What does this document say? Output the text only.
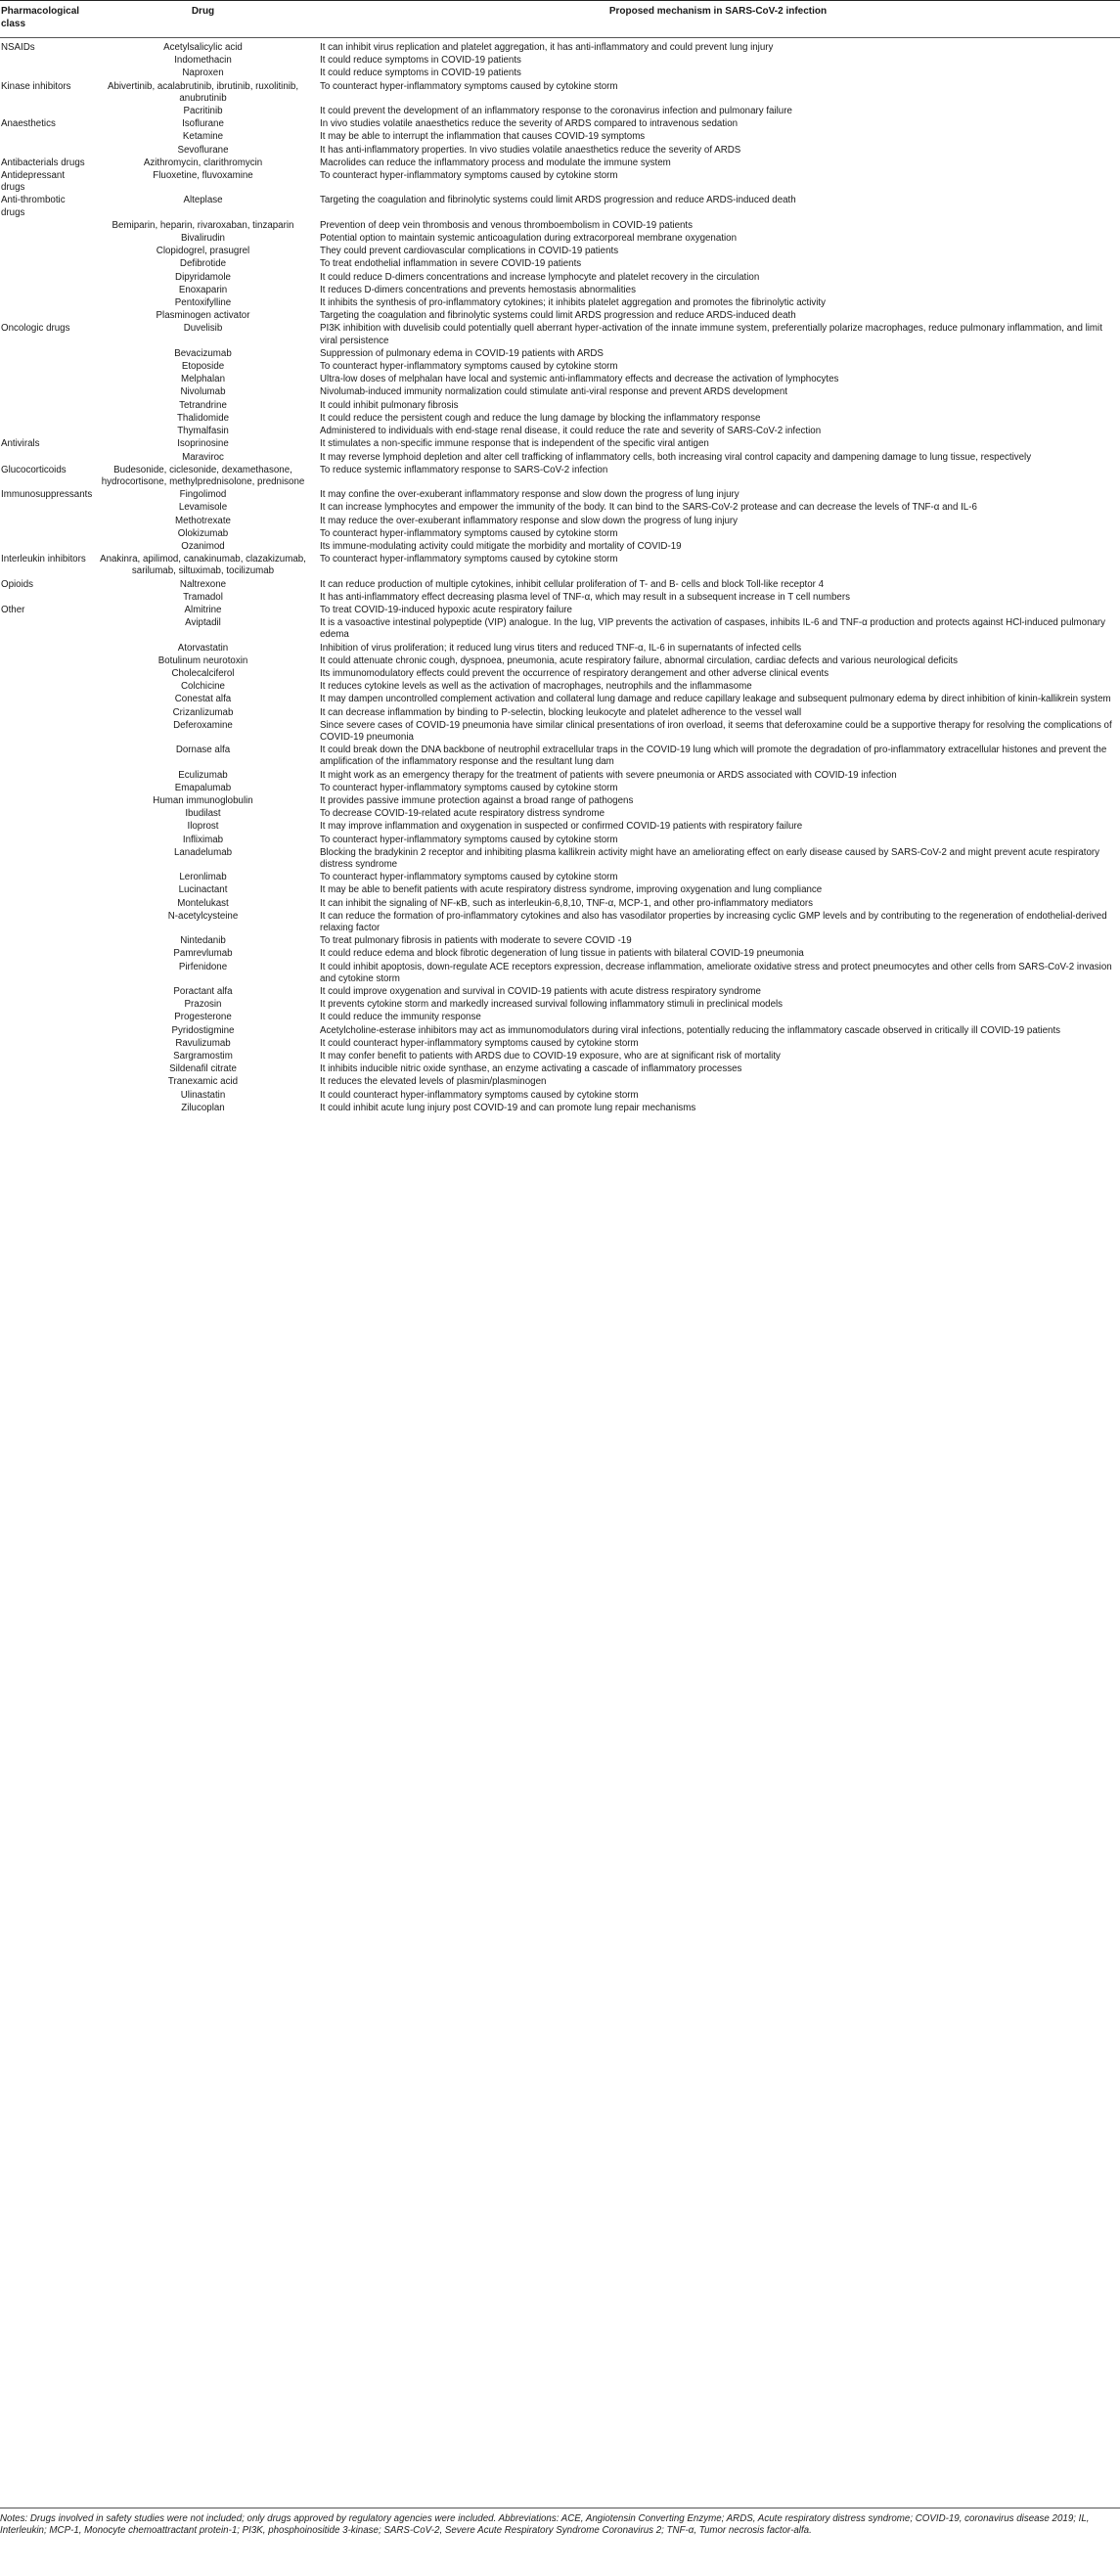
Pharmacological class	Drug	Proposed mechanism in SARS-CoV-2 infection
NSAIDs	Acetylsalicylic acid	It can inhibit virus replication and platelet aggregation, it has anti-inflammatory and could prevent lung injury
	Indomethacin	It could reduce symptoms in COVID-19 patients
	Naproxen	It could reduce symptoms in COVID-19 patients
Kinase inhibitors	Abivertinib, acalabrutinib, ibrutinib, ruxolitinib, anubrutinib	To counteract hyper-inflammatory symptoms caused by cytokine storm
	Pacritinib	It could prevent the development of an inflammatory response to the coronavirus infection and pulmonary failure
Anaesthetics	Isoflurane	In vivo studies volatile anaesthetics reduce the severity of ARDS compared to intravenous sedation
	Ketamine	It may be able to interrupt the inflammation that causes COVID-19 symptoms
	Sevoflurane	It has anti-inflammatory properties. In vivo studies volatile anaesthetics reduce the severity of ARDS
Antibacterials drugs	Azithromycin, clarithromycin	Macrolides can reduce the inflammatory process and modulate the immune system
Antidepressant drugs	Fluoxetine, fluvoxamine	To counteract hyper-inflammatory symptoms caused by cytokine storm
Anti-thrombotic drugs	Alteplase	Targeting the coagulation and fibrinolytic systems could limit ARDS progression and reduce ARDS-induced death
	Bemiparin, heparin, rivaroxaban, tinzaparin	Prevention of deep vein thrombosis and venous thromboembolism in COVID-19 patients
	Bivalirudin	Potential option to maintain systemic anticoagulation during extracorporeal membrane oxygenation
	Clopidogrel, prasugrel	They could prevent cardiovascular complications in COVID-19 patients
	Defibrotide	To treat endothelial inflammation in severe COVID-19 patients
	Dipyridamole	It could reduce D-dimers concentrations and increase lymphocyte and platelet recovery in the circulation
	Enoxaparin	It reduces D-dimers concentrations and prevents hemostasis abnormalities
	Pentoxifylline	It inhibits the synthesis of pro-inflammatory cytokines; it inhibits platelet aggregation and promotes the fibrinolytic activity
	Plasminogen activator	Targeting the coagulation and fibrinolytic systems could limit ARDS progression and reduce ARDS-induced death
Oncologic drugs	Duvelisib	PI3K inhibition with duvelisib could potentially quell aberrant hyper-activation of the innate immune system, preferentially polarize macrophages, reduce pulmonary inflammation, and limit viral persistence
	Bevacizumab	Suppression of pulmonary edema in COVID-19 patients with ARDS
	Etoposide	To counteract hyper-inflammatory symptoms caused by cytokine storm
	Melphalan	Ultra-low doses of melphalan have local and systemic anti-inflammatory effects and decrease the activation of lymphocytes
	Nivolumab	Nivolumab-induced immunity normalization could stimulate anti-viral response and prevent ARDS development
	Tetrandrine	It could inhibit pulmonary fibrosis
	Thalidomide	It could reduce the persistent cough and reduce the lung damage by blocking the inflammatory response
	Thymalfasin	Administered to individuals with end-stage renal disease, it could reduce the rate and severity of SARS-CoV-2 infection
Antivirals	Isoprinosine	It stimulates a non-specific immune response that is independent of the specific viral antigen
	Maraviroc	It may reverse lymphoid depletion and alter cell trafficking of inflammatory cells, both increasing viral control capacity and dampening damage to lung tissue, respectively
Glucocorticoids	Budesonide, ciclesonide, dexamethasone, hydrocortisone, methylprednisolone, prednisone	To reduce systemic inflammatory response to SARS-CoV-2 infection
Immunosuppressants	Fingolimod	It may confine the over-exuberant inflammatory response and slow down the progress of lung injury
	Levamisole	It can increase lymphocytes and empower the immunity of the body. It can bind to the SARS-CoV-2 protease and can decrease the levels of TNF-α and IL-6
	Methotrexate	It may reduce the over-exuberant inflammatory response and slow down the progress of lung injury
	Olokizumab	To counteract hyper-inflammatory symptoms caused by cytokine storm
	Ozanimod	Its immune-modulating activity could mitigate the morbidity and mortality of COVID-19
Interleukin inhibitors	Anakinra, apilimod, canakinumab, clazakizumab, sarilumab, siltuximab, tocilizumab	To counteract hyper-inflammatory symptoms caused by cytokine storm
Opioids	Naltrexone	It can reduce production of multiple cytokines, inhibit cellular proliferation of T- and B- cells and block Toll-like receptor 4
	Tramadol	It has anti-inflammatory effect decreasing plasma level of TNF-α, which may result in a subsequent increase in T cell numbers
Other	Almitrine	To treat COVID-19-induced hypoxic acute respiratory failure
	Aviptadil	It is a vasoactive intestinal polypeptide (VIP) analogue. In the lug, VIP prevents the activation of caspases, inhibits IL-6 and TNF-α production and protects against HCl-induced pulmonary edema
	Atorvastatin	Inhibition of virus proliferation; it reduced lung virus titers and reduced TNF-α, IL-6 in supernatants of infected cells
	Botulinum neurotoxin	It could attenuate chronic cough, dyspnoea, pneumonia, acute respiratory failure, abnormal circulation, cardiac defects and various neurological deficits
	Cholecalciferol	Its immunomodulatory effects could prevent the occurrence of respiratory derangement and other adverse clinical events
	Colchicine	It reduces cytokine levels as well as the activation of macrophages, neutrophils and the inflammasome
	Conestat alfa	It may dampen uncontrolled complement activation and collateral lung damage and reduce capillary leakage and subsequent pulmonary edema by direct inhibition of kinin-kallikrein system
	Crizanlizumab	It can decrease inflammation by binding to P-selectin, blocking leukocyte and platelet adherence to the vessel wall
	Deferoxamine	Since severe cases of COVID-19 pneumonia have similar clinical presentations of iron overload, it seems that deferoxamine could be a supportive therapy for resolving the complications of COVID-19 pneumonia
	Dornase alfa	It could break down the DNA backbone of neutrophil extracellular traps in the COVID-19 lung which will promote the degradation of pro-inflammatory extracellular histones and prevent the amplification of the inflammatory response and the resultant lung dam
	Eculizumab	It might work as an emergency therapy for the treatment of patients with severe pneumonia or ARDS associated with COVID-19 infection
	Emapalumab	To counteract hyper-inflammatory symptoms caused by cytokine storm
	Human immunoglobulin	It provides passive immune protection against a broad range of pathogens
	Ibudilast	To decrease COVID-19-related acute respiratory distress syndrome
	Iloprost	It may improve inflammation and oxygenation in suspected or confirmed COVID-19 patients with respiratory failure
	Infliximab	To counteract hyper-inflammatory symptoms caused by cytokine storm
	Lanadelumab	Blocking the bradykinin 2 receptor and inhibiting plasma kallikrein activity might have an ameliorating effect on early disease caused by SARS-CoV-2 and might prevent acute respiratory distress syndrome
	Leronlimab	To counteract hyper-inflammatory symptoms caused by cytokine storm
	Lucinactant	It may be able to benefit patients with acute respiratory distress syndrome, improving oxygenation and lung compliance
	Montelukast	It can inhibit the signaling of NF-κB, such as interleukin-6,8,10, TNF-α, MCP-1, and other pro-inflammatory mediators
	N-acetylcysteine	It can reduce the formation of pro-inflammatory cytokines and also has vasodilator properties by increasing cyclic GMP levels and by contributing to the regeneration of endothelial-derived relaxing factor
	Nintedanib	To treat pulmonary fibrosis in patients with moderate to severe COVID -19
	Pamrevlumab	It could reduce edema and block fibrotic degeneration of lung tissue in patients with bilateral COVID-19 pneumonia
	Pirfenidone	It could inhibit apoptosis, down-regulate ACE receptors expression, decrease inflammation, ameliorate oxidative stress and protect pneumocytes and other cells from SARS-CoV-2 invasion and cytokine storm
	Poractant alfa	It could improve oxygenation and survival in COVID-19 patients with acute distress respiratory syndrome
	Prazosin	It prevents cytokine storm and markedly increased survival following inflammatory stimuli in preclinical models
	Progesterone	It could reduce the immunity response
	Pyridostigmine	Acetylcholine-esterase inhibitors may act as immunomodulators during viral infections, potentially reducing the inflammatory cascade observed in critically ill COVID-19 patients
	Ravulizumab	It could counteract hyper-inflammatory symptoms caused by cytokine storm
	Sargramostim	It may confer benefit to patients with ARDS due to COVID-19 exposure, who are at significant risk of mortality
	Sildenafil citrate	It inhibits inducible nitric oxide synthase, an enzyme activating a cascade of inflammatory processes
	Tranexamic acid	It reduces the elevated levels of plasmin/plasminogen
	Ulinastatin	It could counteract hyper-inflammatory symptoms caused by cytokine storm
	Zilucoplan	It could inhibit acute lung injury post COVID-19 and can promote lung repair mechanisms
Notes: Drugs involved in safety studies were not included; only drugs approved by regulatory agencies were included. Abbreviations: ACE, Angiotensin Converting Enzyme; ARDS, Acute respiratory distress syndrome; COVID-19, coronavirus disease 2019; IL, Interleukin; MCP-1, Monocyte chemoattractant protein-1; PI3K, phosphoinositide 3-kinase; SARS-CoV-2, Severe Acute Respiratory Syndrome Coronavirus 2; TNF-α, Tumor necrosis factor-alfa.
